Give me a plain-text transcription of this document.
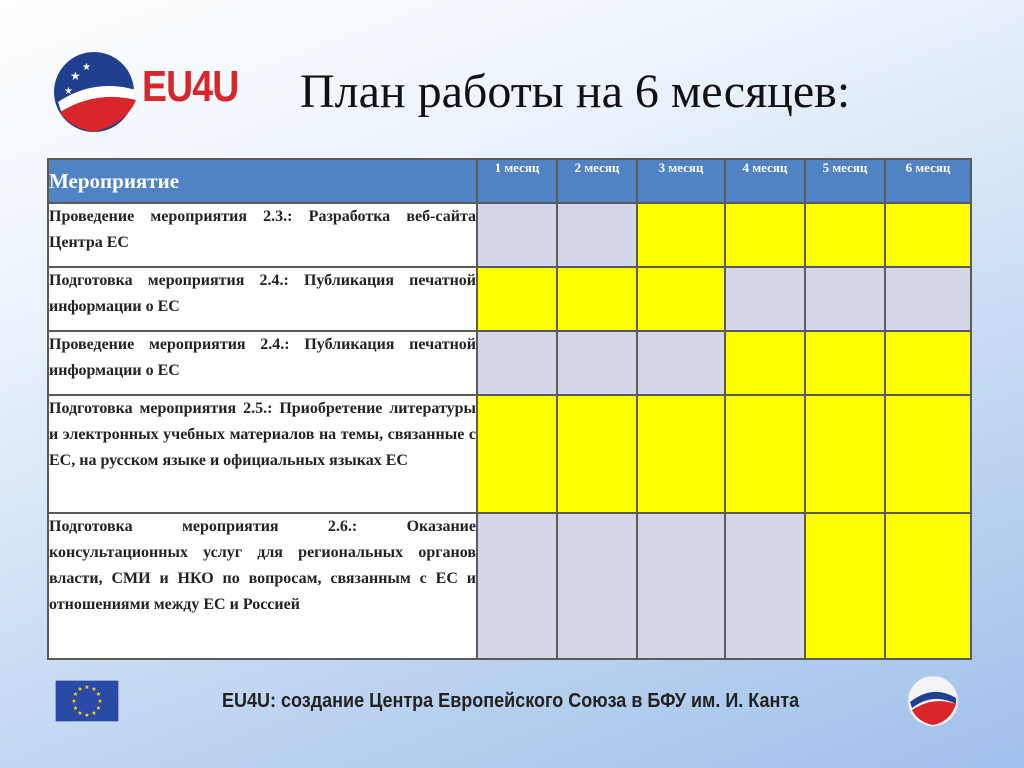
★
★
★ EU4U План работы на 6 месяцев:
Мероприятие	1 месяц	2 месяц	3 месяц	4 месяц	5 месяц	6 месяц
Проведение мероприятия 2.3.: Разработка веб-сайта Центра ЕС						
Подготовка мероприятия 2.4.: Публикация печатной информации о ЕС						
Проведение мероприятия 2.4.: Публикация печатной информации о ЕС						
Подготовка мероприятия 2.5.: Приобретение литературы и электронных учебных материалов на темы, связанные с ЕС, на русском языке и официальных языках ЕС						
Подготовка мероприятия 2.6.: Оказание консультационных услуг для региональных органов власти, СМИ и НКО по вопросам, связанным с ЕС и отношениями между ЕС и Россией						
★ ★
★
★
★
★
★
★
★
★
★
★
EU4U: создание Центра Европейского Союза в БФУ им. И. Канта
